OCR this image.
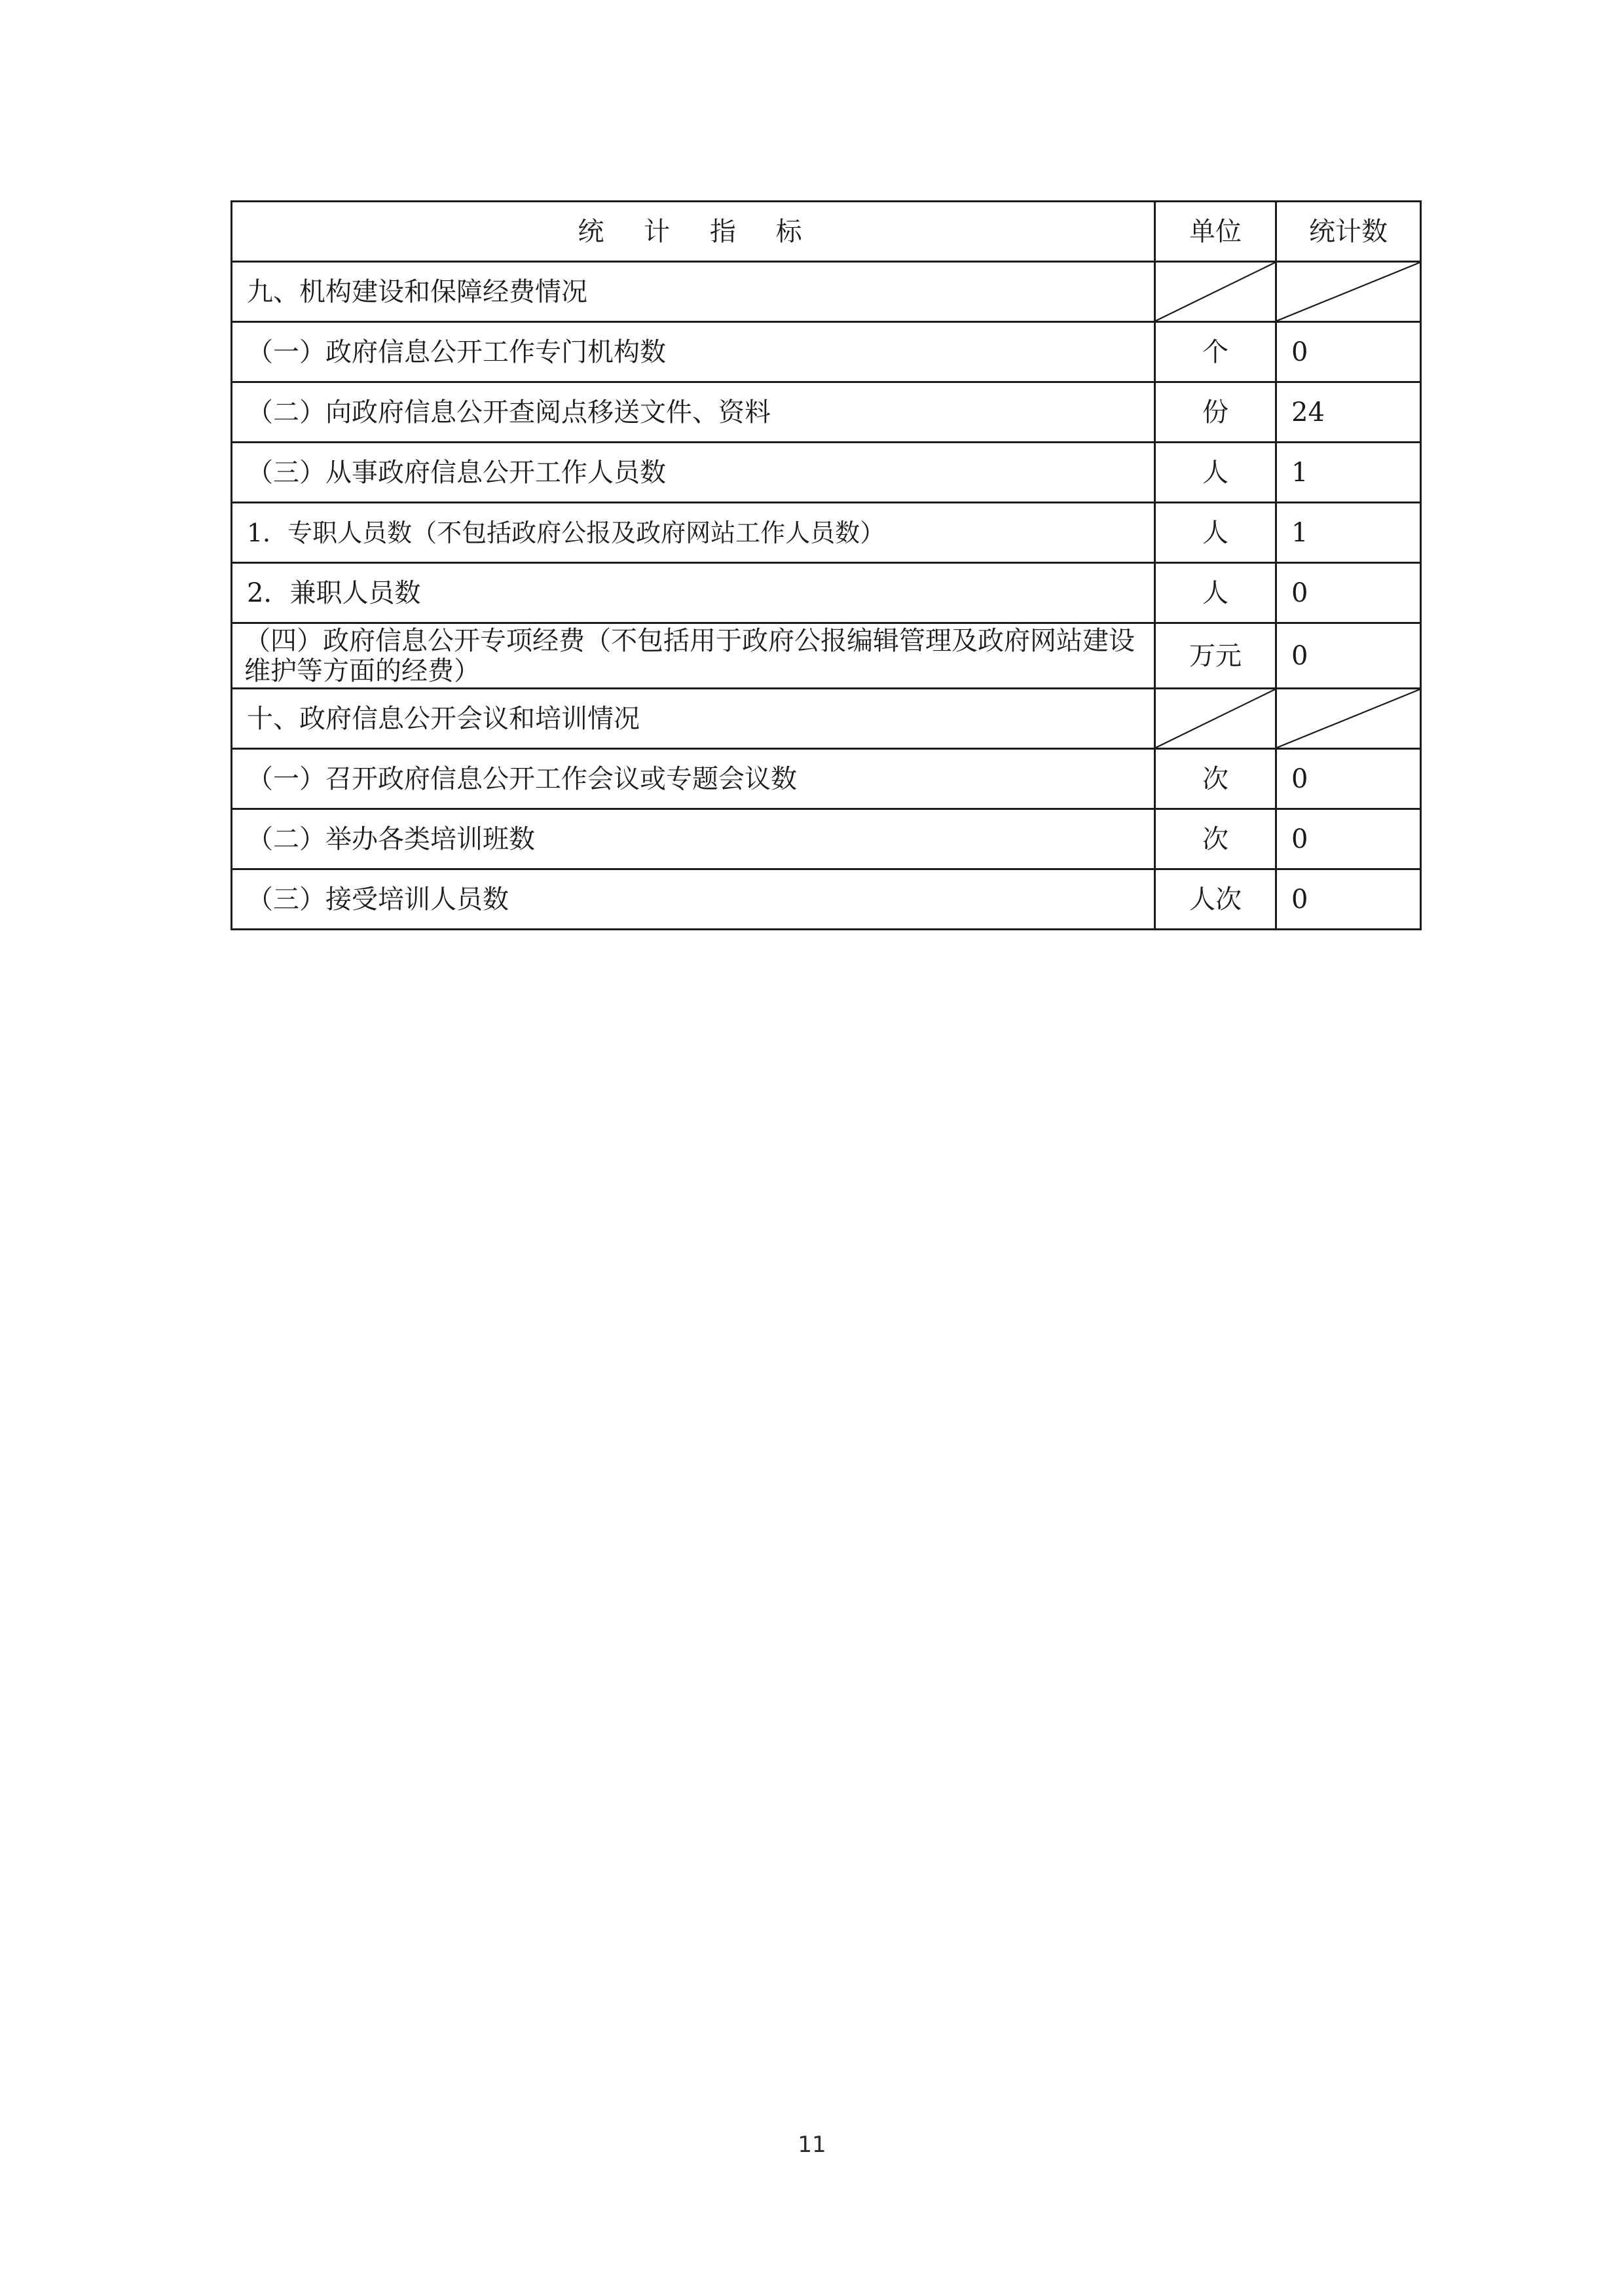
统 计 指 标	单位	统计数
九、机构建设和保障经费情况	

（一）政府信息公开工作专门机构数	个	0
（二）向政府信息公开查阅点移送文件、资料	份	24
（三）从事政府信息公开工作人员数	人	1
1．专职人员数（不包括政府公报及政府网站工作人员数）	人	1
2．兼职人员数	人	0
（四）政府信息公开专项经费（不包括用于政府公报编辑管理及政府网站建设维护等方面的经费）	万元	0
十、政府信息公开会议和培训情况	

（一）召开政府信息公开工作会议或专题会议数	次	0
（二）举办各类培训班数	次	0
（三）接受培训人员数	人次	0
11
